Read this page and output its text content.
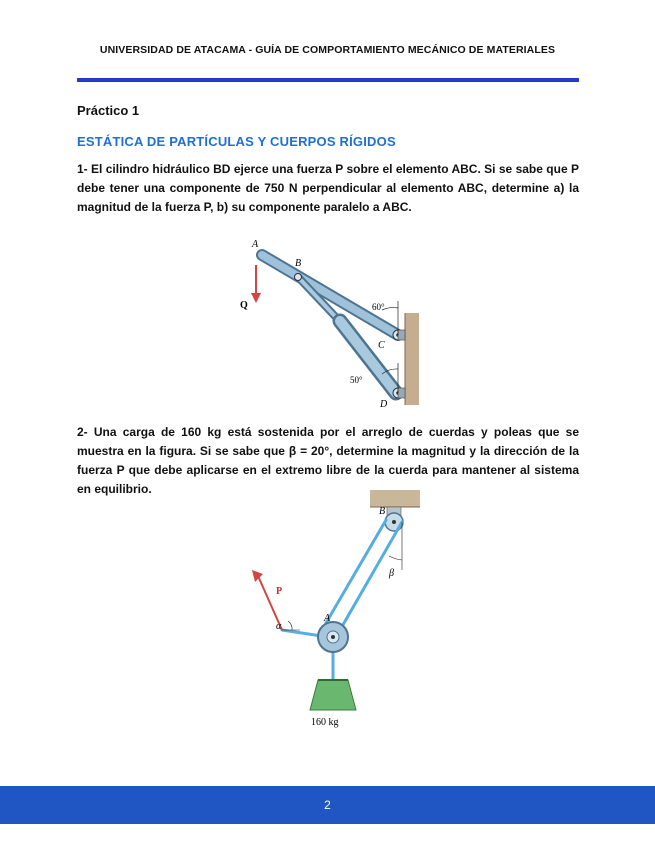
UNIVERSIDAD DE ATACAMA - GUÍA DE COMPORTAMIENTO MECÁNICO DE MATERIALES
Práctico 1
ESTÁTICA DE PARTÍCULAS Y CUERPOS RÍGIDOS
1- El cilindro hidráulico BD ejerce una fuerza P sobre el elemento ABC. Si se sabe que P debe tener una componente de 750 N perpendicular al elemento ABC, determine a) la magnitud de la fuerza P, b) su componente paralelo a ABC.
A
B
C
D
Q	60°
50°
2- Una carga de 160 kg está sostenida por el arreglo de cuerdas y poleas que se muestra en la figura. Si se sabe que β = 20°, determine la magnitud y la dirección de la fuerza P que debe aplicarse en el extremo libre de la cuerda para mantener al sistema en equilibrio.
B
A
P
α
β
160 kg
2
